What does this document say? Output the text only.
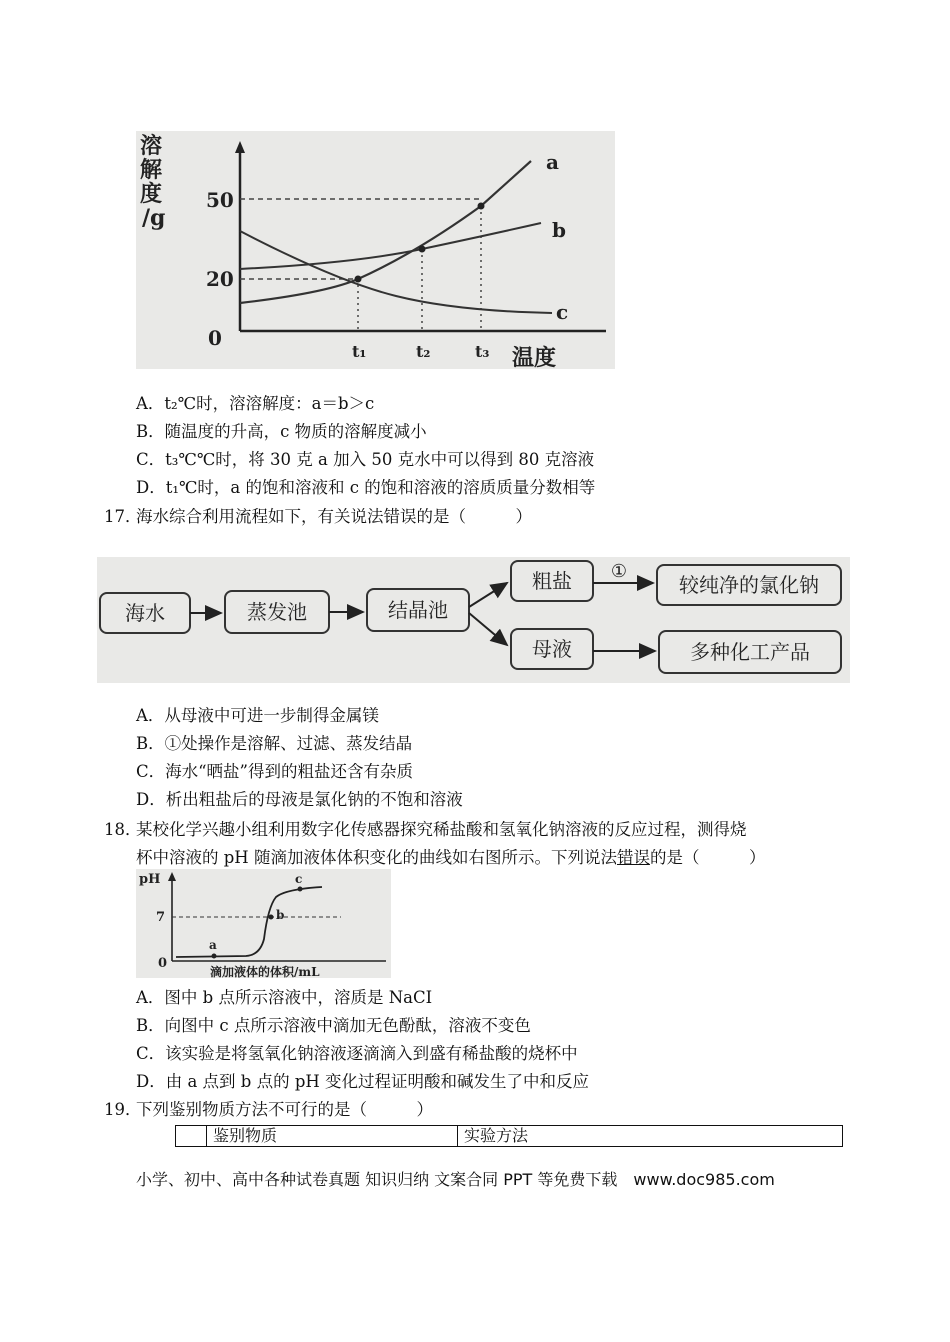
溶
解
度
/g
50
20
0
a
b
c
t₁	t₂	t₃ 温度
A．t₂℃时，溶溶解度：a＝b＞c
B．随温度的升高，c 物质的溶解度减小
C．t₃℃℃时，将 30 克 a 加入 50 克水中可以得到 80 克溶液
D．t₁℃时，a 的饱和溶液和 c 的饱和溶液的溶质质量分数相等
17．海水综合利用流程如下，有关说法错误的是（　　　）
海水	蒸发池	结晶池
粗盐
母液
较纯净的氯化钠
多种化工产品
①
A．从母液中可进一步制得金属镁
B．①处操作是溶解、过滤、蒸发结晶
C．海水“晒盐”得到的粗盐还含有杂质
D．析出粗盐后的母液是氯化钠的不饱和溶液
18．某校化学兴趣小组利用数字化传感器探究稀盐酸和氢氧化钠溶液的反应过程，测得烧
杯中溶液的 pH 随滴加液体体积变化的曲线如右图所示。下列说法错误的是（　　　）
pH
7
0
a
b
c
滴加液体的体积/mL
A．图中 b 点所示溶液中，溶质是 NaCI
B．向图中 c 点所示溶液中滴加无色酚酞，溶液不变色
C．该实验是将氢氧化钠溶液逐滴滴入到盛有稀盐酸的烧杯中
D．由 a 点到 b 点的 pH 变化过程证明酸和碱发生了中和反应
19．下列鉴别物质方法不可行的是（　　　）
	鉴别物质	实验方法
小学、初中、高中各种试卷真题 知识归纳 文案合同 PPT 等免费下载　www.doc985.com
